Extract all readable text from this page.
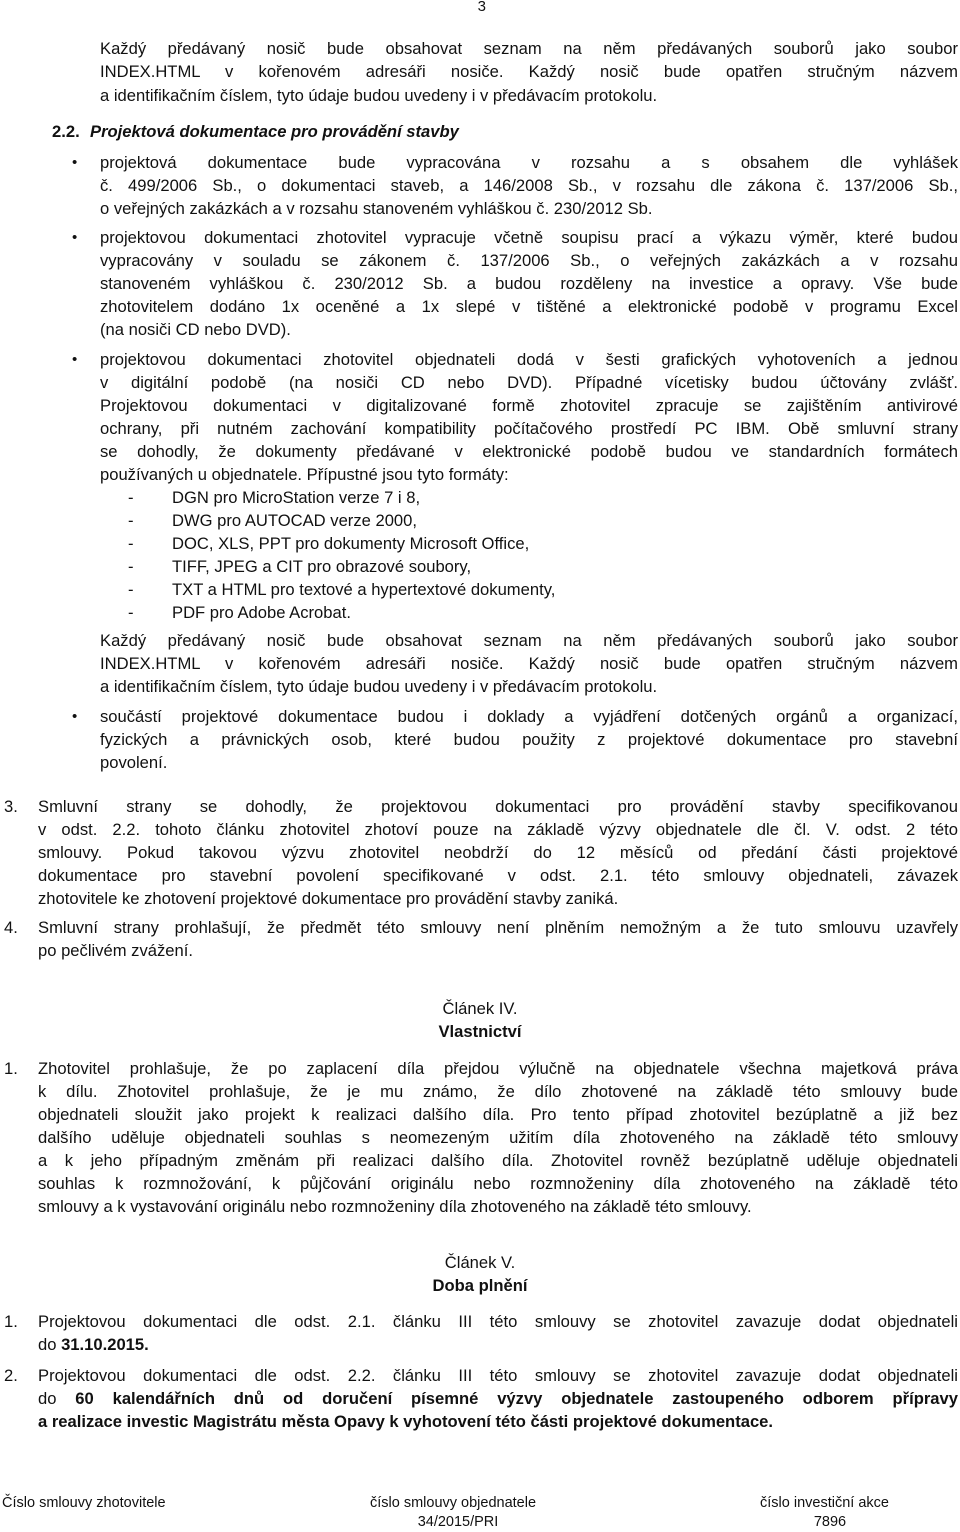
3
Každý předávaný nosič bude obsahovat seznam na něm předávaných souborů jako soubor
INDEX.HTML v kořenovém adresáři nosiče. Každý nosič bude opatřen stručným názvem
a identifikačním číslem, tyto údaje budou uvedeny i v předávacím protokolu.
2.2. Projektová dokumentace pro provádění stavby
• projektová dokumentace bude vypracována v rozsahu a s obsahem dle vyhlášek
č. 499/2006 Sb., o dokumentaci staveb, a 146/2008 Sb., v rozsahu dle zákona č. 137/2006 Sb.,
o veřejných zakázkách a v rozsahu stanoveném vyhláškou č. 230/2012 Sb.
• projektovou dokumentaci zhotovitel vypracuje včetně soupisu prací a výkazu výměr, které budou
vypracovány v souladu se zákonem č. 137/2006 Sb., o veřejných zakázkách a v rozsahu
stanoveném vyhláškou č. 230/2012 Sb. a budou rozděleny na investice a opravy. Vše bude
zhotovitelem dodáno 1x oceněné a 1x slepé v tištěné a elektronické podobě v programu Excel
(na nosiči CD nebo DVD).
• projektovou dokumentaci zhotovitel objednateli dodá v šesti grafických vyhotoveních a jednou
v digitální podobě (na nosiči CD nebo DVD). Případné vícetisky budou účtovány zvlášť.
Projektovou dokumentaci v digitalizované formě zhotovitel zpracuje se zajištěním antivirové
ochrany, při nutném zachování kompatibility počítačového prostředí PC IBM. Obě smluvní strany
se dohodly, že dokumenty předávané v elektronické podobě budou ve standardních formátech
používaných u objednatele. Přípustné jsou tyto formáty:
- DGN pro MicroStation verze 7 i 8,
- DWG pro AUTOCAD verze 2000,
- DOC, XLS, PPT pro dokumenty Microsoft Office,
- TIFF, JPEG a CIT pro obrazové soubory,
- TXT a HTML pro textové a hypertextové dokumenty,
- PDF pro Adobe Acrobat.
Každý předávaný nosič bude obsahovat seznam na něm předávaných souborů jako soubor
INDEX.HTML v kořenovém adresáři nosiče. Každý nosič bude opatřen stručným názvem
a identifikačním číslem, tyto údaje budou uvedeny i v předávacím protokolu.
• součástí projektové dokumentace budou i doklady a vyjádření dotčených orgánů a organizací,
fyzických a právnických osob, které budou použity z projektové dokumentace pro stavební
povolení.
3. Smluvní strany se dohodly, že projektovou dokumentaci pro provádění stavby specifikovanou
v odst. 2.2. tohoto článku zhotovitel zhotoví pouze na základě výzvy objednatele dle čl. V. odst. 2 této
smlouvy. Pokud takovou výzvu zhotovitel neobdrží do 12 měsíců od předání části projektové
dokumentace pro stavební povolení specifikované v odst. 2.1. této smlouvy objednateli, závazek
zhotovitele ke zhotovení projektové dokumentace pro provádění stavby zaniká.
4. Smluvní strany prohlašují, že předmět této smlouvy není plněním nemožným a že tuto smlouvu uzavřely
po pečlivém zvážení.
Článek IV.
Vlastnictví
1. Zhotovitel prohlašuje, že po zaplacení díla přejdou výlučně na objednatele všechna majetková práva
k dílu. Zhotovitel prohlašuje, že je mu známo, že dílo zhotovené na základě této smlouvy bude
objednateli sloužit jako projekt k realizaci dalšího díla. Pro tento případ zhotovitel bezúplatně a již bez
dalšího uděluje objednateli souhlas s neomezeným užitím díla zhotoveného na základě této smlouvy
a k jeho případným změnám při realizaci dalšího díla. Zhotovitel rovněž bezúplatně uděluje objednateli
souhlas k rozmnožování, k půjčování originálu nebo rozmnoženiny díla zhotoveného na základě této
smlouvy a k vystavování originálu nebo rozmnoženiny díla zhotoveného na základě této smlouvy.
Článek V.
Doba plnění
1. Projektovou dokumentaci dle odst. 2.1. článku III této smlouvy se zhotovitel zavazuje dodat objednateli
do 31.10.2015.
2. Projektovou dokumentaci dle odst. 2.2. článku III této smlouvy se zhotovitel zavazuje dodat objednateli
do 60 kalendářních dnů od doručení písemné výzvy objednatele zastoupeného odborem přípravy
a realizace investic Magistrátu města Opavy k vyhotovení této části projektové dokumentace.
Číslo smlouvy zhotovitele	číslo smlouvy objednatele
34/2015/PRI
číslo investiční akce
7896
